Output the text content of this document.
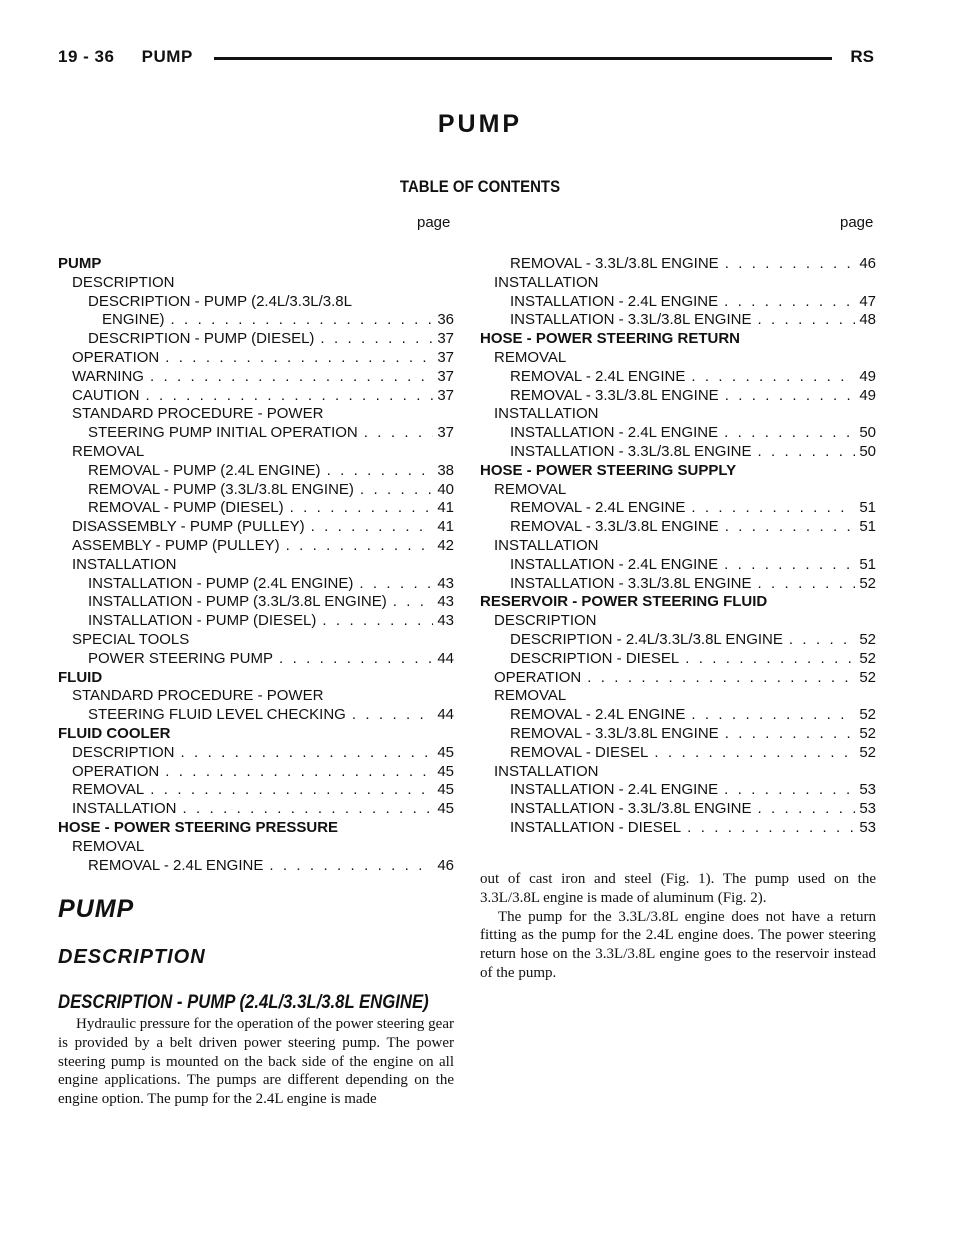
19 - 36 PUMP	RS
PUMP
TABLE OF CONTENTS
page	page
PUMP
DESCRIPTION
DESCRIPTION - PUMP (2.4L/3.3L/3.8L
ENGINE) . . .	36
DESCRIPTION - PUMP (DIESEL) . . .	37
OPERATION . . .	37
WARNING . . .	37
CAUTION . . .	37
STANDARD PROCEDURE - POWER
STEERING PUMP INITIAL OPERATION . . .	37
REMOVAL
REMOVAL - PUMP (2.4L ENGINE) . . .	38
REMOVAL - PUMP (3.3L/3.8L ENGINE) . . .	40
REMOVAL - PUMP (DIESEL) . . .	41
DISASSEMBLY - PUMP (PULLEY) . . .	41
ASSEMBLY - PUMP (PULLEY) . . .	42
INSTALLATION
INSTALLATION - PUMP (2.4L ENGINE) . . .	43
INSTALLATION - PUMP (3.3L/3.8L ENGINE) . . .	43
INSTALLATION - PUMP (DIESEL) . . .	43
SPECIAL TOOLS
POWER STEERING PUMP . . .	44
FLUID
STANDARD PROCEDURE - POWER
STEERING FLUID LEVEL CHECKING . . .	44
FLUID COOLER
DESCRIPTION . . .	45
OPERATION . . .	45
REMOVAL . . .	45
INSTALLATION . . .	45
HOSE - POWER STEERING PRESSURE
REMOVAL
REMOVAL - 2.4L ENGINE . . .	46
REMOVAL - 3.3L/3.8L ENGINE . . .	46
INSTALLATION
INSTALLATION - 2.4L ENGINE . . .	47
INSTALLATION - 3.3L/3.8L ENGINE . . .	48
HOSE - POWER STEERING RETURN
REMOVAL
REMOVAL - 2.4L ENGINE . . .	49
REMOVAL - 3.3L/3.8L ENGINE . . .	49
INSTALLATION
INSTALLATION - 2.4L ENGINE . . .	50
INSTALLATION - 3.3L/3.8L ENGINE . . .	50
HOSE - POWER STEERING SUPPLY
REMOVAL
REMOVAL - 2.4L ENGINE . . .	51
REMOVAL - 3.3L/3.8L ENGINE . . .	51
INSTALLATION
INSTALLATION - 2.4L ENGINE . . .	51
INSTALLATION - 3.3L/3.8L ENGINE . . .	52
RESERVOIR - POWER STEERING FLUID
DESCRIPTION
DESCRIPTION - 2.4L/3.3L/3.8L ENGINE . . .	52
DESCRIPTION - DIESEL . . .	52
OPERATION . . .	52
REMOVAL
REMOVAL - 2.4L ENGINE . . .	52
REMOVAL - 3.3L/3.8L ENGINE . . .	52
REMOVAL - DIESEL . . .	52
INSTALLATION
INSTALLATION - 2.4L ENGINE . . .	53
INSTALLATION - 3.3L/3.8L ENGINE . . .	53
INSTALLATION - DIESEL . . .	53
PUMP
DESCRIPTION
DESCRIPTION - PUMP (2.4L/3.3L/3.8L ENGINE)

Hydraulic pressure for the operation of the power steering gear is provided by a belt driven power steering pump. The power steering pump is mounted on the back side of the engine on all engine applications. The pumps are different depending on the engine option. The pump for the 2.4L engine is made

out of cast iron and steel (Fig. 1). The pump used on the 3.3L/3.8L engine is made of aluminum (Fig. 2).

The pump for the 3.3L/3.8L engine does not have a return fitting as the pump for the 2.4L engine does. The power steering return hose on the 3.3L/3.8L engine goes to the reservoir instead of the pump.
